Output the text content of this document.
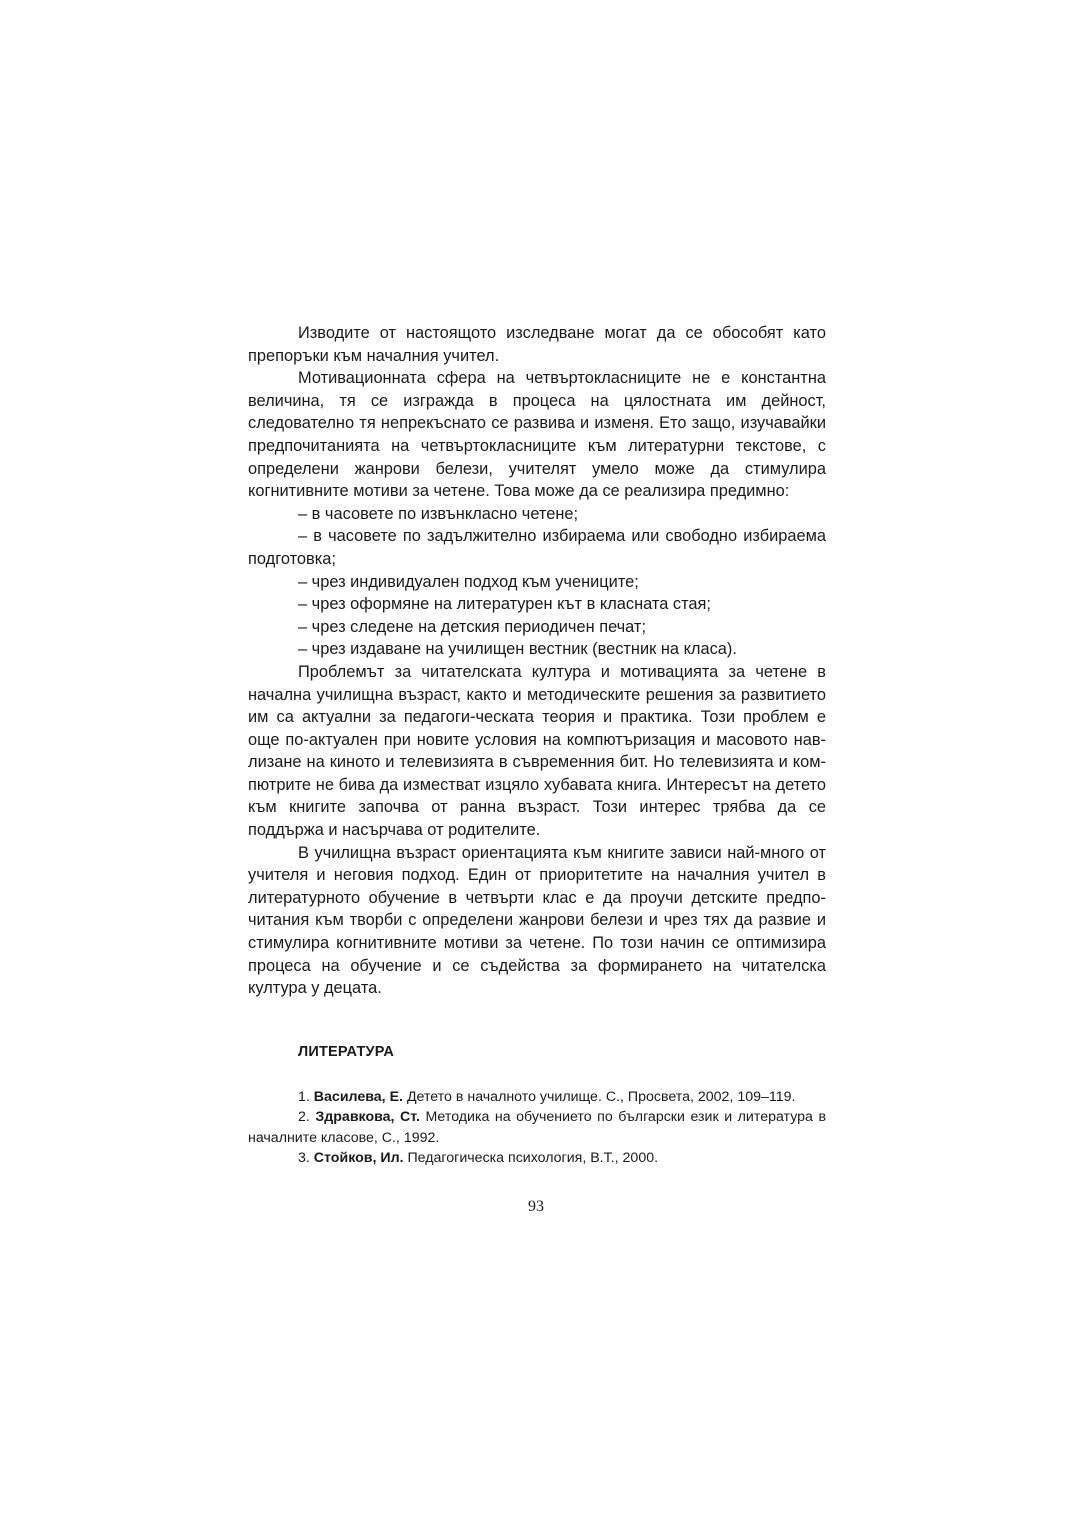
Изводите от настоящото изследване могат да се обособят като препоръки към началния учител.

Мотивационната сфера на четвъртокласниците не е константна величина, тя се изгражда в процеса на цялостната им дейност, следователно тя непрекъснато се развива и изменя. Ето защо, изучавайки предпочитанията на четвъртокласниците към литературни текстове, с определени жанрови белези, учителят умело може да стимулира когнитивните мотиви за четене. Това може да се реализира предимно:

– в часовете по извънкласно четене;

– в часовете по задължително избираема или свободно избираема подготовка;

– чрез индивидуален подход към учениците;

– чрез оформяне на литературен кът в класната стая;

– чрез следене на детския периодичен печат;

– чрез издаване на училищен вестник (вестник на класа).

Проблемът за читателската култура и мотивацията за четене в начална училищна възраст, както и методическите решения за развитието им са актуални за педагоги-ческата теория и практика. Този проблем е още по-актуален при новите условия на компютъризация и масовото навлизане на киното и телевизията в съвременния бит. Но телевизията и компютрите не бива да изместват изцяло хубавата книга. Интересът на детето към книгите започва от ранна възраст. Този интерес трябва да се поддържа и насърчава от родителите.

В училищна възраст ориентацията към книгите зависи най-много от учителя и неговия подход. Един от приоритетите на началния учител в литературното обучение в четвърти клас е да проучи детските предпочитания към творби с определени жанрови белези и чрез тях да развие и стимулира когнитивните мотиви за четене. По този начин се оптимизира процеса на обучение и се съдейства за формирането на читателска култура у децата.

ЛИТЕРАТУРА

1. Василева, Е. Детето в началното училище. С., Просвета, 2002, 109–119.

2. Здравкова, Ст. Методика на обучението по български език и литература в началните класове, С., 1992.

3. Стойков, Ил. Педагогическа психология, В.Т., 2000.

93
